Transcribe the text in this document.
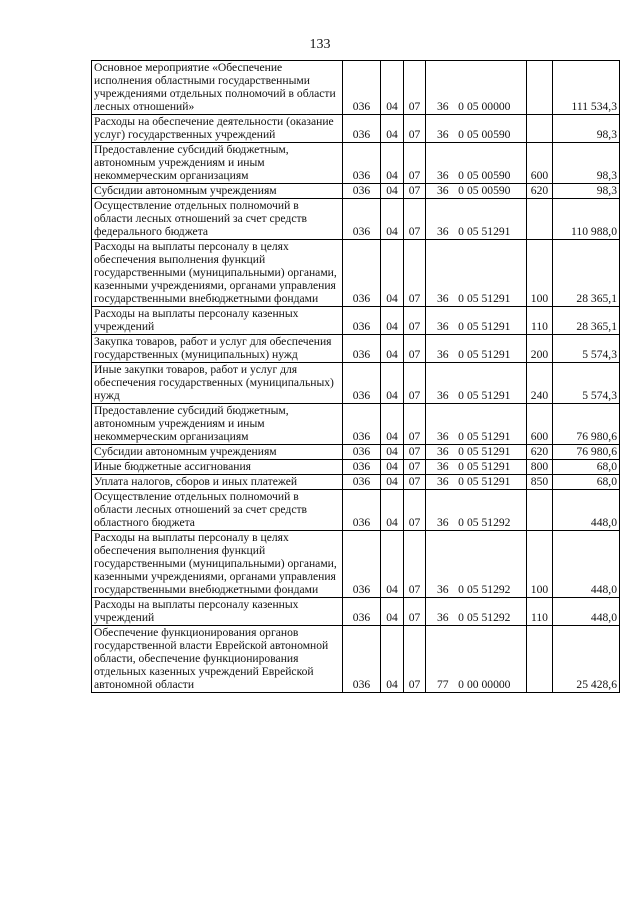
133
Основное мероприятие «Обеспечение исполнения областными государственными учреждениями отдельных полномочий в области лесных отношений»	036	04	07	36 0 05 00000		111 534,3
Расходы на обеспечение деятельности (оказание услуг) государственных учреждений	036	04	07	36 0 05 00590		98,3
Предоставление субсидий бюджетным, автономным учреждениям и иным некоммерческим организациям	036	04	07	36 0 05 00590	600	98,3
Субсидии автономным учреждениям	036	04	07	36 0 05 00590	620	98,3
Осуществление отдельных полномочий в области лесных отношений за счет средств федерального бюджета	036	04	07	36 0 05 51291		110 988,0
Расходы на выплаты персоналу в целях обеспечения выполнения функций государственными (муниципальными) органами, казенными учреждениями, органами управления государственными внебюджетными фондами	036	04	07	36 0 05 51291	100	28 365,1
Расходы на выплаты персоналу казенных учреждений	036	04	07	36 0 05 51291	110	28 365,1
Закупка товаров, работ и услуг для обеспечения государственных (муниципальных) нужд	036	04	07	36 0 05 51291	200	5 574,3
Иные закупки товаров, работ и услуг для обеспечения государственных (муниципальных) нужд	036	04	07	36 0 05 51291	240	5 574,3
Предоставление субсидий бюджетным, автономным учреждениям и иным некоммерческим организациям	036	04	07	36 0 05 51291	600	76 980,6
Субсидии автономным учреждениям	036	04	07	36 0 05 51291	620	76 980,6
Иные бюджетные ассигнования	036	04	07	36 0 05 51291	800	68,0
Уплата налогов, сборов и иных платежей	036	04	07	36 0 05 51291	850	68,0
Осуществление отдельных полномочий в области лесных отношений за счет средств областного бюджета	036	04	07	36 0 05 51292		448,0
Расходы на выплаты персоналу в целях обеспечения выполнения функций государственными (муниципальными) органами, казенными учреждениями, органами управления государственными внебюджетными фондами	036	04	07	36 0 05 51292	100	448,0
Расходы на выплаты персоналу казенных учреждений	036	04	07	36 0 05 51292	110	448,0
Обеспечение функционирования органов государственной власти Еврейской автономной области, обеспечение функционирования отдельных казенных учреждений Еврейской автономной области	036	04	07	77 0 00 00000		25 428,6
